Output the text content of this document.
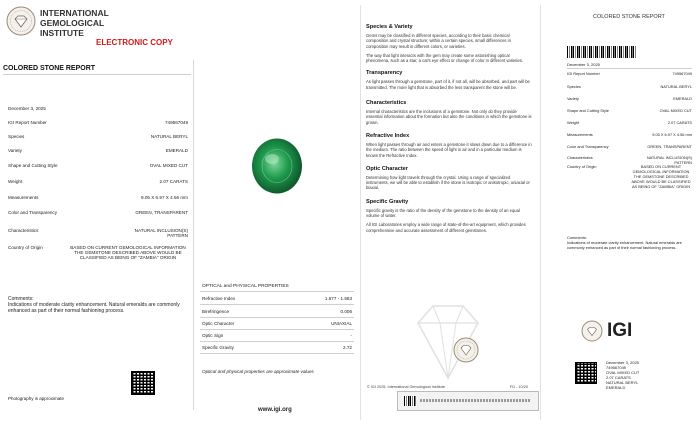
INTERNATIONAL
GEMOLOGICAL
INSTITUTE
ELECTRONIC COPY
COLORED STONE REPORT
December 3, 2025
IGI Report Number	749567049
Species	NATURAL BERYL
Variety	EMERALD
Shape and Cutting Style	OVAL MIXED CUT
Weight	2.07 CARATS
Measurements	9.05 X 6.97 X 4.56 mm
Color and Transparency	GREEN, TRANSPARENT
Characteristics	NATURAL INCLUSION(S) PATTERN
Country of Origin	BASED ON CURRENT GEMOLOGICAL INFORMATION THE GEMSTONE DESCRIBED ABOVE WOULD BE CLASSIFIED AS BEING OF "ZAMBIA" ORIGIN
Comments:
Indications of moderate clarity enhancement. Natural emeralds are commonly enhanced as part of their normal fashioning process.
Photography is approximate
OPTICAL and PHYSICAL PROPERTIES
Refractive Index	1.577 - 1.583
Birefringence	0.006
Optic Character	UNIAXIAL
Optic Sign	-
Specific Gravity	2.72
Optical and physical properties are approximate values
www.igi.org
Species & Variety
Gems may be classified in different species, according to their basic chemical composition and crystal structure; within a certain species, small differences in composition may result in different colors, or varieties.
The way that light interacts with the gem may create some astonishing optical phenomena, such as a star, a cat's eye effect or change of color in different varieties.
Transparency
As light passes through a gemstone, part of it, if not all, will be absorbed, and part will be transmitted. The more light that is absorbed the less transparent the stone will be.
Characteristics
Internal characteristics are the inclusions of a gemstone. Not only do they provide essential information about the formation but also the conditions in which the gemstone is grown.
Refractive Index
When light passes through air and enters a gemstone it slows down due to a difference in the medium. The ratio between the speed of light in air and in a particular medium is known the Refractive Index.
Optic Character
Determining how light travels through the crystal. Using a range of specialized instruments, we will be able to establish if the stone is isotropic or anisotropic, uniaxial or biaxial.
Specific Gravity
Specific gravity is the ratio of the density of the gemstone to the density of an equal volume of water.
All IGI Laboratories employ a wide range of state-of-the-art equipment, which provides comprehensive and accurate assessment of different gemstones.
© IGI 2025, International Gemological Institute	FD - 10/20
COLORED STONE REPORT
December 3, 2025
IGI Report Number	749567049
Species	NATURAL BERYL
Variety	EMERALD
Shape and Cutting Style	OVAL MIXED CUT
Weight	2.07 CARATS
Measurements	9.05 X 6.97 X 4.56 mm
Color and Transparency	GREEN, TRANSPARENT
Characteristics	NATURAL INCLUSION(S) PATTERN
Country of Origin	BASED ON CURRENT GEMOLOGICAL INFORMATION THE GEMSTONE DESCRIBED ABOVE WOULD BE CLASSIFIED AS BEING OF "ZAMBIA" ORIGIN
Comments:
Indications of moderate clarity enhancement. Natural emeralds are commonly enhanced as part of their normal fashioning process.
IGI
December 3, 2025
749567049
OVAL MIXED CUT
2.07 CARATS
NATURAL BERYL
EMERALD
